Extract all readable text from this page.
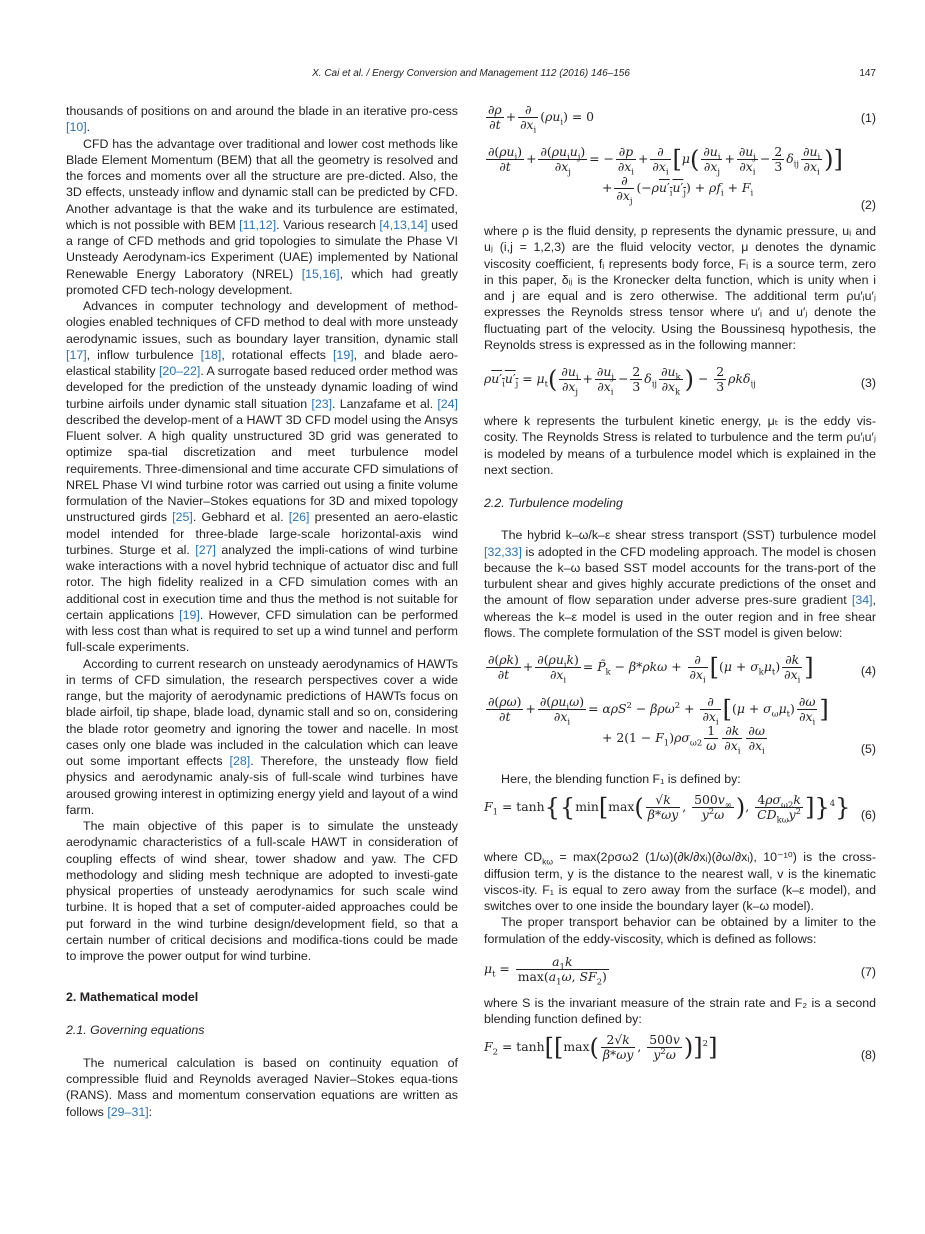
X. Cai et al. / Energy Conversion and Management 112 (2016) 146–156	147

thousands of positions on and around the blade in an iterative pro-cess [10].

CFD has the advantage over traditional and lower cost methods like Blade Element Momentum (BEM) that all the geometry is resolved and the forces and moments over all the structure are pre-dicted. Also, the 3D effects, unsteady inflow and dynamic stall can be predicted by CFD. Another advantage is that the wake and its turbulence are estimated, which is not possible with BEM [11,12]. Various research [4,13,14] used a range of CFD methods and grid topologies to simulate the Phase VI Unsteady Aerodynam-ics Experiment (UAE) implemented by National Renewable Energy Laboratory (NREL) [15,16], which had greatly promoted CFD tech-nology development.

Advances in computer technology and development of method-ologies enabled techniques of CFD method to deal with more unsteady aerodynamic issues, such as boundary layer transition, dynamic stall [17], inflow turbulence [18], rotational effects [19], and blade aero-elastical stability [20–22]. A surrogate based reduced order method was developed for the prediction of the unsteady dynamic loading of wind turbine airfoils under dynamic stall situation [23]. Lanzafame et al. [24] described the develop-ment of a HAWT 3D CFD model using the Ansys Fluent solver. A high quality unstructured 3D grid was generated to optimize spa-tial discretization and meet turbulence model requirements. Three-dimensional and time accurate CFD simulations of NREL Phase VI wind turbine rotor was carried out using a finite volume formulation of the Navier–Stokes equations for 3D and mixed topology unstructured girds [25]. Gebhard et al. [26] presented an aero-elastic model intended for three-blade large-scale horizontal-axis wind turbines. Sturge et al. [27] analyzed the impli-cations of wind turbine wake interactions with a novel hybrid technique of actuator disc and full rotor. The high fidelity realized in a CFD simulation comes with an additional cost in execution time and thus the method is not suitable for certain applications [19]. However, CFD simulation can be performed with less cost than what is required to set up a wind tunnel and perform full-scale experiments.

According to current research on unsteady aerodynamics of HAWTs in terms of CFD simulation, the research perspectives cover a wide range, but the majority of aerodynamic predictions of HAWTs focus on blade airfoil, tip shape, blade load, dynamic stall and so on, considering the blade rotor geometry and ignoring the tower and nacelle. In most cases only one blade was included in the calculation which can leave out some important effects [28]. Therefore, the unsteady flow field physics and aerodynamic analy-sis of full-scale wind turbines have aroused growing interest in optimizing energy yield and layout of a wind farm.

The main objective of this paper is to simulate the unsteady aerodynamic characteristics of a full-scale HAWT in consideration of coupling effects of wind shear, tower shadow and yaw. The CFD methodology and sliding mesh technique are adopted to investi-gate physical properties of unsteady aerodynamics for such scale wind turbine. It is hoped that a set of computer-aided approaches could be put forward in the wind turbine design/development field, so that a certain number of critical decisions and modifica-tions could be made to improve the power output for wind turbine.

2. Mathematical model
2.1. Governing equations

The numerical calculation is based on continuity equation of compressible fluid and Reynolds averaged Navier–Stokes equa-tions (RANS). Mass and momentum conservation equations are written as follows [29–31]:

$\frac{\partial\rho}{\partial t} + \frac{\partial}{\partial x_i} (\rho u_i) = 0$	(1)
$\frac{\partial(\rho u_i)}{\partial t} + \frac{\partial(\rho u_iu_j)}{\partial x_j}$ = − $\frac{\partial p}{\partial x_i} + \frac{\partial}{\partial x_i} [\mu( \frac{\partial u_i}{\partial x_j} + \frac{\partial u_j}{\partial x_i} - \frac{2}{3} \delta_{ij} \frac{\partial u_i}{\partial x_i}$ )]
+ $\frac{\partial}{\partial x_j} (-\rho u'_iu'_j) + \rho f_i + F_i$
(2)

where ρ is the fluid density, p represents the dynamic pressure, uᵢ and uⱼ (i,j = 1,2,3) are the fluid velocity vector, μ denotes the dynamic viscosity coefficient, fᵢ represents body force, Fᵢ is a source term, zero in this paper, δᵢⱼ is the Kronecker delta function, which is unity when i and j are equal and is zero otherwise. The additional term ρu′ᵢu′ⱼ expresses the Reynolds stress tensor where u′ᵢ and u′ⱼ denote the fluctuating part of the velocity. Using the Boussinesq hypothesis, the Reynolds stress is expressed as in the following manner:

$\rho u'_iu'_j = \mu_t( \frac{\partial u_i}{\partial x_j} + \frac{\partial u_j}{\partial x_i} - \frac{2}{3} \delta_{ij} \frac{\partial u_k}{\partial x_k}$ ) − $\frac{2}{3} \rho k\delta_{ij}$	(3)

where k represents the turbulent kinetic energy, μₜ is the eddy vis-cosity. The Reynolds Stress is related to turbulence and the term ρu′ᵢu′ⱼ is modeled by means of a turbulence model which is explained in the next section.

2.2. Turbulence modeling

The hybrid k–ω/k–ε shear stress transport (SST) turbulence model [32,33] is adopted in the CFD modeling approach. The model is chosen because the k–ω based SST model accounts for the trans-port of the turbulent shear and gives highly accurate predictions of the onset and the amount of flow separation under adverse pres-sure gradient [34], whereas the k–ε model is used in the outer region and in free shear flows. The complete formulation of the SST model is given below:

$\frac{\partial(\rho k)}{\partial t} + \frac{\partial(\rho u_ik)}{\partial x_i}$ = $P̃_k - \beta*\rho k\omega + \frac{\partial}{\partial x_i} [(\mu + \sigma_k\mu_t) \frac{\partial k}{\partial x_i}$ ]	(4)
$\frac{\partial(\rho\omega)}{\partial t} + \frac{\partial(\rho u_i\omega)}{\partial x_i} = \alpha\rho S^2 - \beta\rho\omega^2 + \frac{\partial}{\partial x_i} [(\mu + \sigma_\omega\mu_t) \frac{\partial\omega}{\partial x_i}$ ]
+ $2(1 - F_1)\rho\sigma_{\omega 2} \frac{1}{\omega} \frac{\partial k}{\partial x_i} \frac{\partial\omega}{\partial x_i}$	(5)

Here, the blending function F₁ is defined by:

$F_1 = \tanh\{\{\min[\max( \frac{√k}{\beta*\omega y}$ , $\frac{500v_\infty}{y^2\omega}$ ), $\frac{4\rho\sigma_{\omega 2}k}{CD_{k\omega}y^2} ]\}^4$} (6)

where $CD_{k\omega} = \max(2\rho\sigma\omega 2$ (1/ω)(∂k/∂xᵢ)(∂ω/∂xᵢ), 10⁻¹⁰) is the cross-diffusion term, y is the distance to the nearest wall, v is the kinematic viscos-ity. F₁ is equal to zero away from the surface (k–ε model), and switches over to one inside the boundary layer (k–ω model).

The proper transport behavior can be obtained by a limiter to the formulation of the eddy-viscosity, which is defined as follows:

$\mu_t = \frac{a_1k}{\max(a_1\omega, SF_2)}$	(7)

where S is the invariant measure of the strain rate and F₂ is a second blending function defined by:

$F_2 = \tanh[[\max( \frac{2√k}{\beta*\omega y}$ , $\frac{500v}{y^2\omega} )]^2$]	(8)
